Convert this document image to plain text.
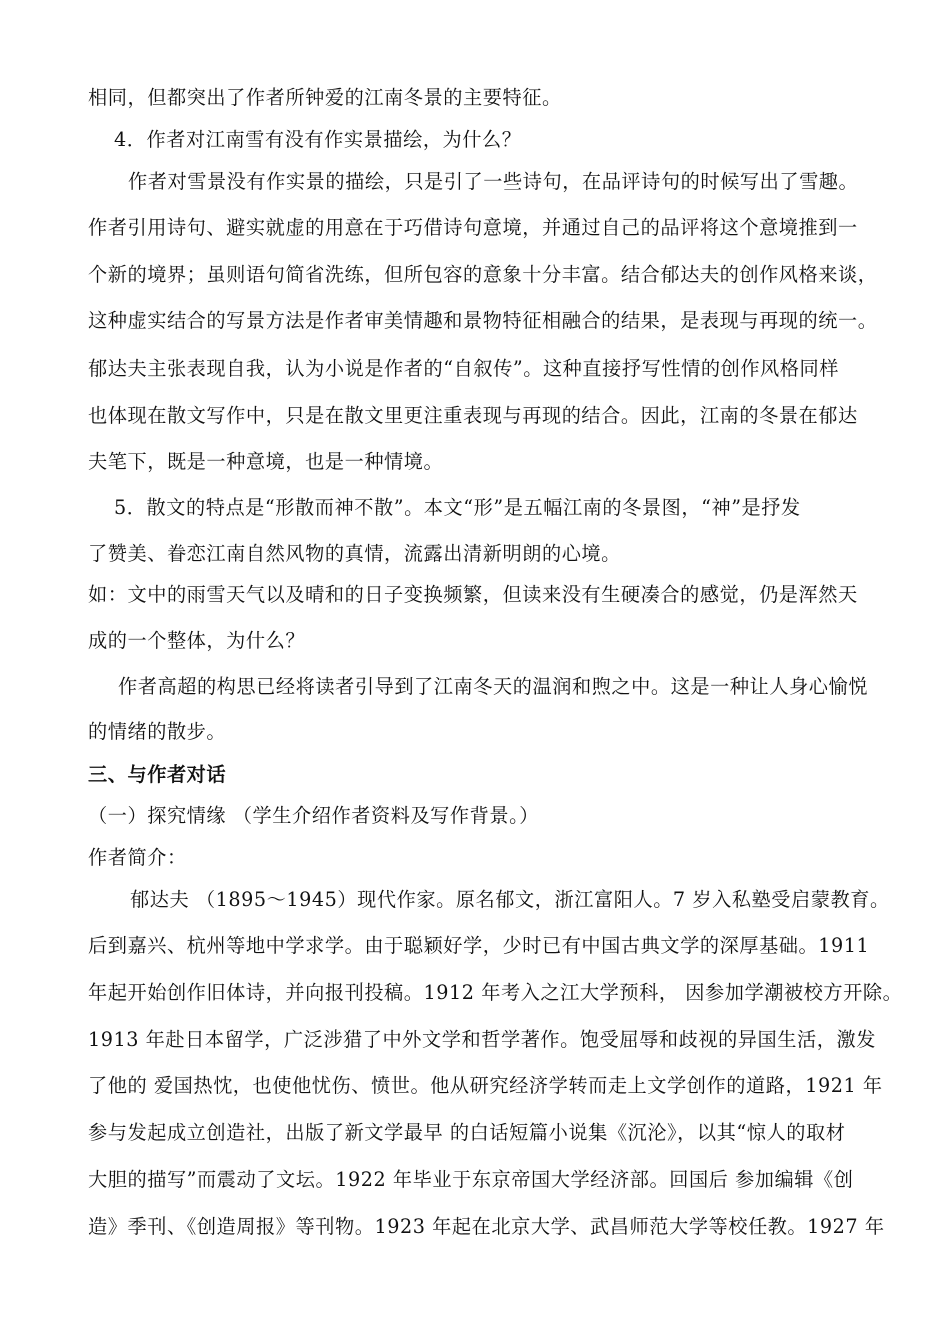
相同，但都突出了作者所钟爱的江南冬景的主要特征。
4．作者对江南雪有没有作实景描绘，为什么？
作者对雪景没有作实景的描绘，只是引了一些诗句，在品评诗句的时候写出了雪趣。
作者引用诗句、避实就虚的用意在于巧借诗句意境，并通过自己的品评将这个意境推到一
个新的境界；虽则语句简省洗练，但所包容的意象十分丰富。结合郁达夫的创作风格来谈，
这种虚实结合的写景方法是作者审美情趣和景物特征相融合的结果，是表现与再现的统一。
郁达夫主张表现自我，认为小说是作者的“自叙传”。这种直接抒写性情的创作风格同样
也体现在散文写作中，只是在散文里更注重表现与再现的结合。因此，江南的冬景在郁达
夫笔下，既是一种意境，也是一种情境。
5．散文的特点是“形散而神不散”。本文“形”是五幅江南的冬景图，“神”是抒发
了赞美、眷恋江南自然风物的真情，流露出清新明朗的心境。
如：文中的雨雪天气以及晴和的日子变换频繁，但读来没有生硬凑合的感觉，仍是浑然天
成的一个整体，为什么？
作者高超的构思已经将读者引导到了江南冬天的温润和煦之中。这是一种让人身心愉悦
的情绪的散步。
三、与作者对话
（一）探究情缘 （学生介绍作者资料及写作背景。）
作者简介：
郁达夫 （1895～1945）现代作家。原名郁文，浙江富阳人。7 岁入私塾受启蒙教育。
后到嘉兴、杭州等地中学求学。由于聪颖好学，少时已有中国古典文学的深厚基础。1911
年起开始创作旧体诗，并向报刊投稿。1912 年考入之江大学预科， 因参加学潮被校方开除。
1913 年赴日本留学，广泛涉猎了中外文学和哲学著作。饱受屈辱和歧视的异国生活，激发
了他的 爱国热忱，也使他忧伤、愤世。他从研究经济学转而走上文学创作的道路，1921 年
参与发起成立创造社，出版了新文学最早 的白话短篇小说集《沉沦》，以其“惊人的取材
大胆的描写”而震动了文坛。1922 年毕业于东京帝国大学经济部。回国后 参加编辑《创
造》季刊、《创造周报》等刊物。1923 年起在北京大学、武昌师范大学等校任教。1927 年
